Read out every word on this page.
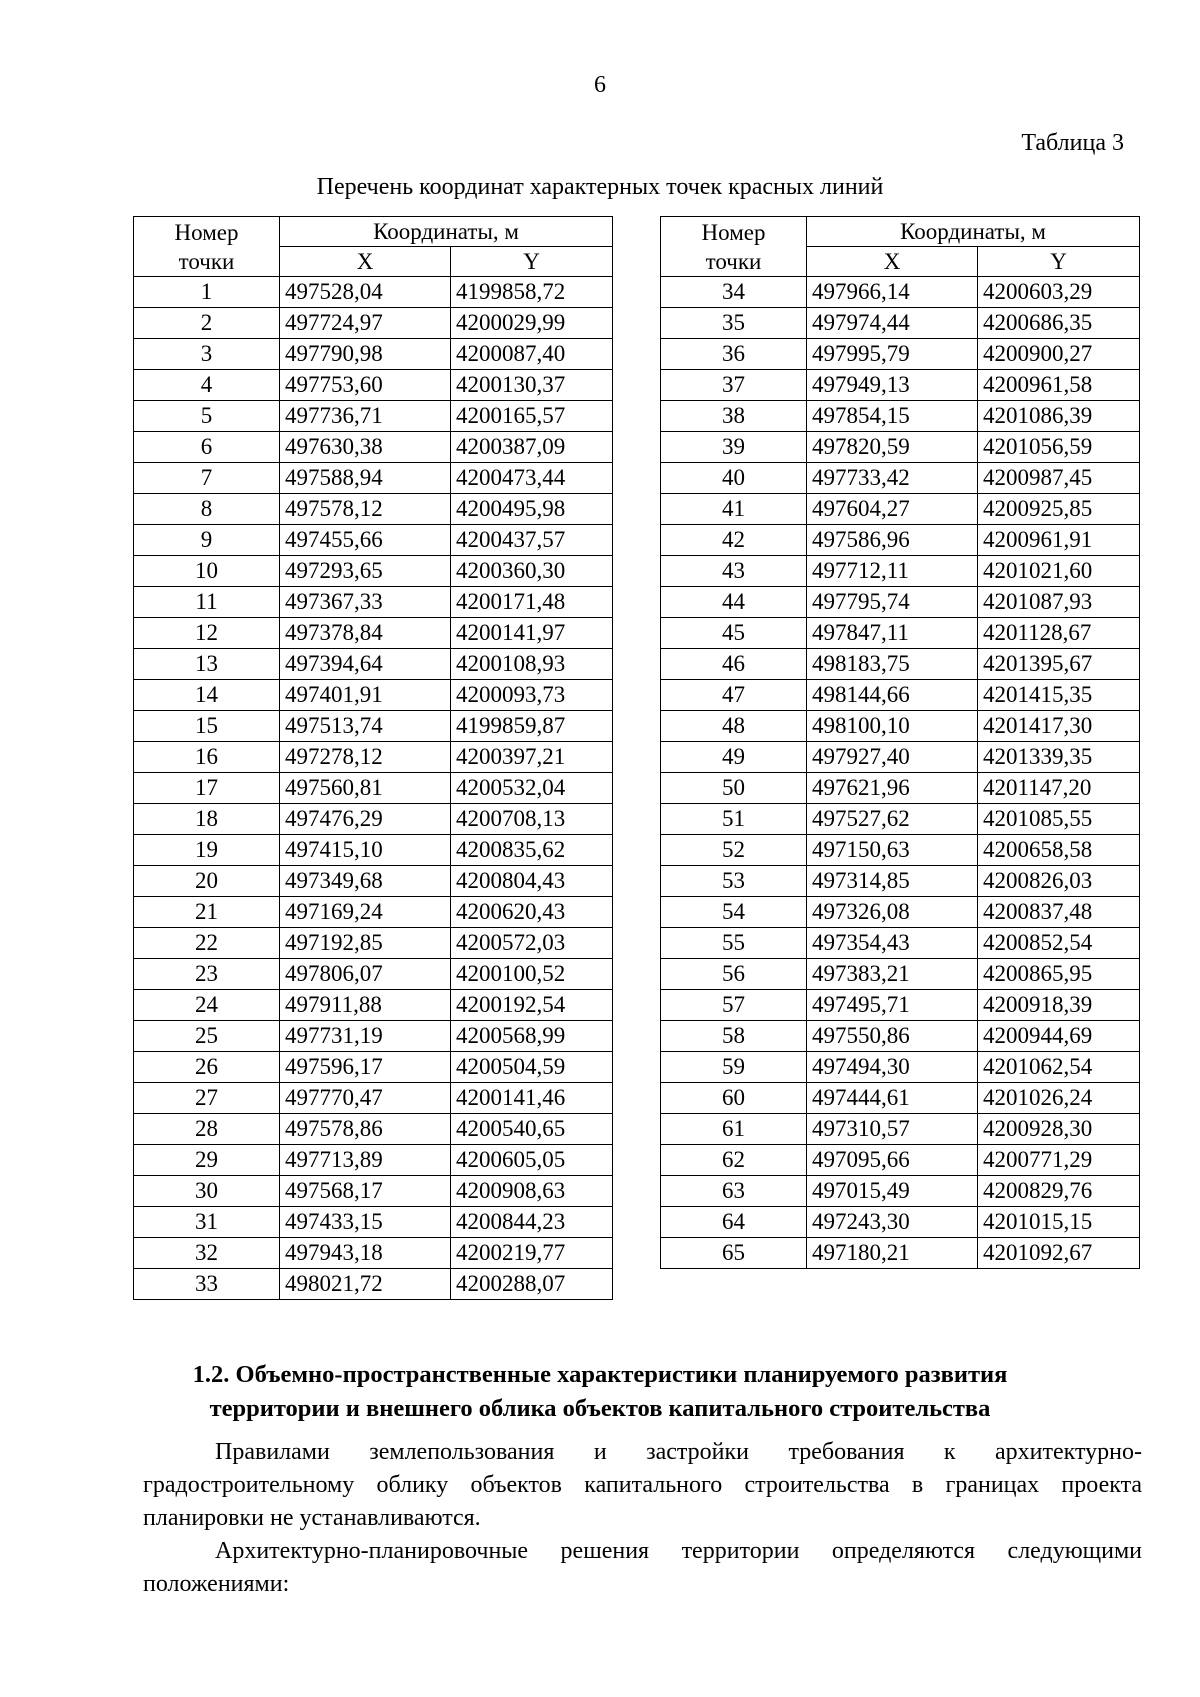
6
Таблица 3
Перечень координат характерных точек красных линий
Номер
точки	Координаты, м	
	X	Y
1	497528,04	4199858,72
2	497724,97	4200029,99
3	497790,98	4200087,40
4	497753,60	4200130,37
5	497736,71	4200165,57
6	497630,38	4200387,09
7	497588,94	4200473,44
8	497578,12	4200495,98
9	497455,66	4200437,57
10	497293,65	4200360,30
11	497367,33	4200171,48
12	497378,84	4200141,97
13	497394,64	4200108,93
14	497401,91	4200093,73
15	497513,74	4199859,87
16	497278,12	4200397,21
17	497560,81	4200532,04
18	497476,29	4200708,13
19	497415,10	4200835,62
20	497349,68	4200804,43
21	497169,24	4200620,43
22	497192,85	4200572,03
23	497806,07	4200100,52
24	497911,88	4200192,54
25	497731,19	4200568,99
26	497596,17	4200504,59
27	497770,47	4200141,46
28	497578,86	4200540,65
29	497713,89	4200605,05
30	497568,17	4200908,63
31	497433,15	4200844,23
32	497943,18	4200219,77
33	498021,72	4200288,07
Номер
точки	Координаты, м	
	X	Y
34	497966,14	4200603,29
35	497974,44	4200686,35
36	497995,79	4200900,27
37	497949,13	4200961,58
38	497854,15	4201086,39
39	497820,59	4201056,59
40	497733,42	4200987,45
41	497604,27	4200925,85
42	497586,96	4200961,91
43	497712,11	4201021,60
44	497795,74	4201087,93
45	497847,11	4201128,67
46	498183,75	4201395,67
47	498144,66	4201415,35
48	498100,10	4201417,30
49	497927,40	4201339,35
50	497621,96	4201147,20
51	497527,62	4201085,55
52	497150,63	4200658,58
53	497314,85	4200826,03
54	497326,08	4200837,48
55	497354,43	4200852,54
56	497383,21	4200865,95
57	497495,71	4200918,39
58	497550,86	4200944,69
59	497494,30	4201062,54
60	497444,61	4201026,24
61	497310,57	4200928,30
62	497095,66	4200771,29
63	497015,49	4200829,76
64	497243,30	4201015,15
65	497180,21	4201092,67
1.2. Объемно-пространственные характеристики планируемого развития
территории и внешнего облика объектов капитального строительства
Правилами землепользования и застройки требования к архитектурно-градостроительному облику объектов капитального строительства в границах проекта планировки не устанавливаются.
Архитектурно-планировочные решения территории определяются следующими положениями:
